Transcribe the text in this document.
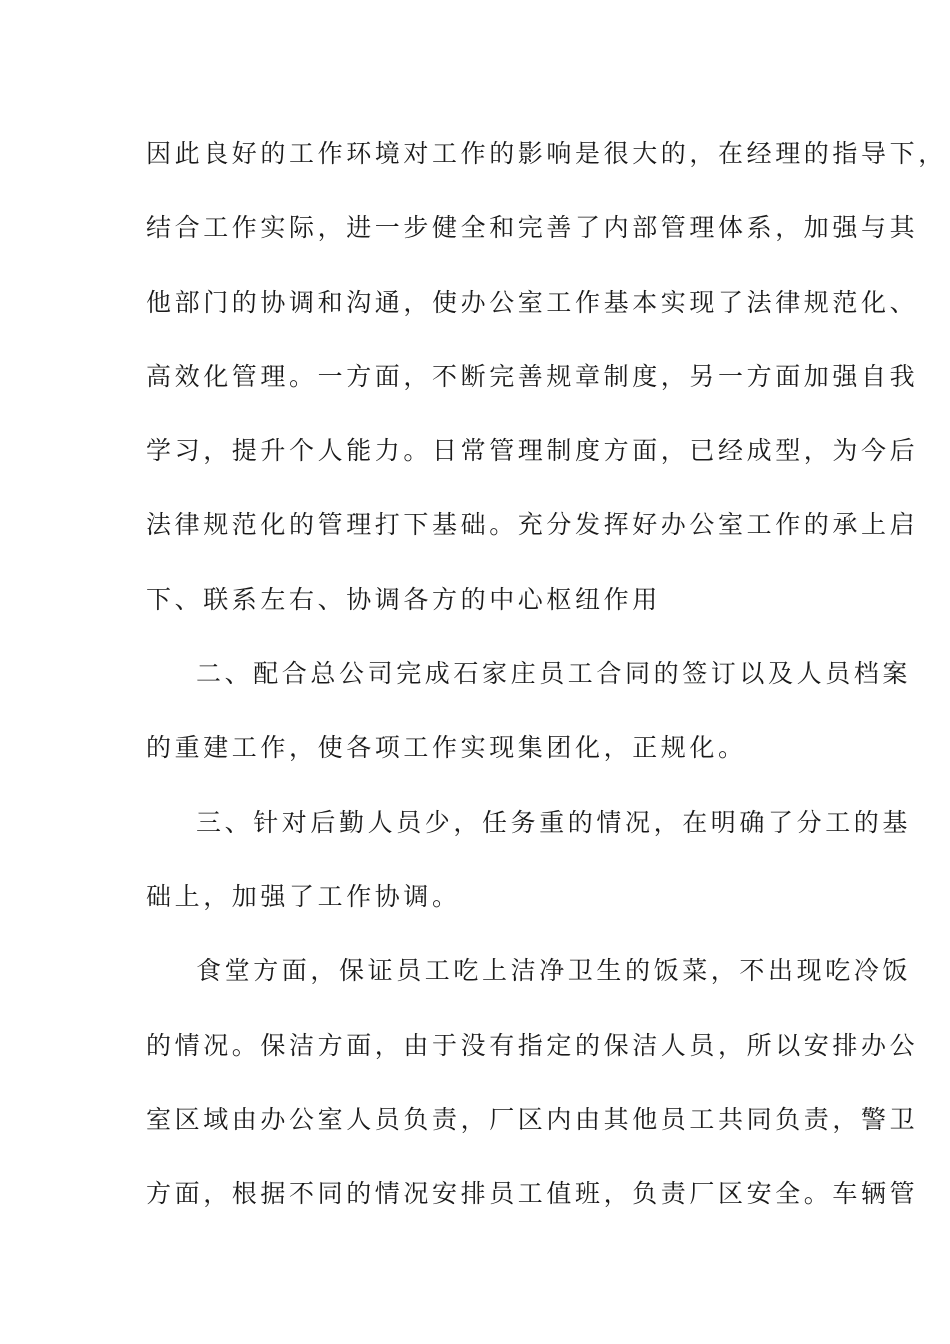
因此良好的工作环境对工作的影响是很大的，在经理的指导下，
结合工作实际，进一步健全和完善了内部管理体系，加强与其
他部门的协调和沟通，使办公室工作基本实现了法律规范化、
高效化管理。一方面，不断完善规章制度，另一方面加强自我
学习，提升个人能力。日常管理制度方面，已经成型，为今后
法律规范化的管理打下基础。充分发挥好办公室工作的承上启
下、联系左右、协调各方的中心枢纽作用
二、配合总公司完成石家庄员工合同的签订以及人员档案
的重建工作，使各项工作实现集团化，正规化。
三、针对后勤人员少，任务重的情况，在明确了分工的基
础上，加强了工作协调。
食堂方面，保证员工吃上洁净卫生的饭菜，不出现吃冷饭
的情况。保洁方面，由于没有指定的保洁人员，所以安排办公
室区域由办公室人员负责，厂区内由其他员工共同负责，警卫
方面，根据不同的情况安排员工值班，负责厂区安全。车辆管
